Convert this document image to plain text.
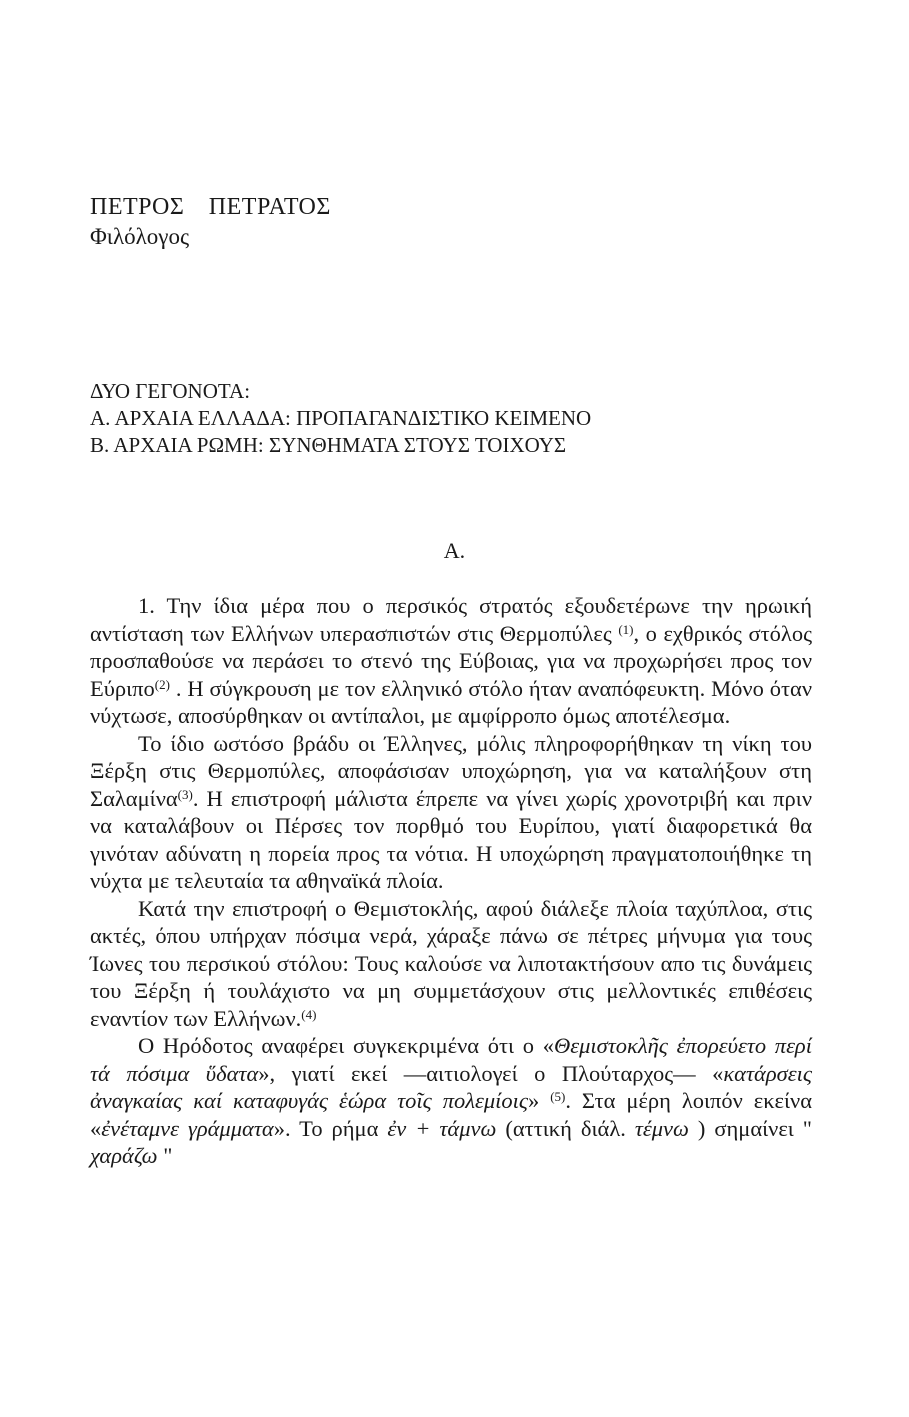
ΠΕΤΡΟΣ ΠΕΤΡΑΤΟΣ
Φιλόλογος
ΔΥΟ ΓΕΓΟΝΟΤΑ:
Α. ΑΡΧΑΙΑ ΕΛΛΑΔΑ: ΠΡΟΠΑΓΑΝΔΙΣΤΙΚΟ ΚΕΙΜΕΝΟ
Β. ΑΡΧΑΙΑ ΡΩΜΗ: ΣΥΝΘΗΜΑΤΑ ΣΤΟΥΣ ΤΟΙΧΟΥΣ
Α.

1. Την ίδια μέρα που ο περσικός στρατός εξουδετέρωνε την ηρωική αντίσταση των Ελλήνων υπερασπιστών στις Θερμοπύλες $^{(1)}$, ο εχθρικός στόλος προσπαθούσε να περάσει το στενό της Εύβοιας, για να προχωρήσει προς τον Εύριπο$^{(2)}$ . Η σύγκρουση με τον ελληνικό στόλο ήταν αναπόφευκτη. Μόνο όταν νύχτωσε, αποσύρθηκαν οι αντίπαλοι, με αμφίρροπο όμως αποτέλεσμα.

Το ίδιο ωστόσο βράδυ οι Έλληνες, μόλις πληροφορήθηκαν τη νίκη του Ξέρξη στις Θερμοπύλες, αποφάσισαν υποχώρηση, για να καταλήξουν στη Σαλαμίνα$^{(3)}$. Η επιστροφή μάλιστα έπρεπε να γίνει χωρίς χρονοτριβή και πριν να καταλάβουν οι Πέρσες τον πορθμό του Ευρίπου, γιατί διαφορετικά θα γινόταν αδύνατη η πορεία προς τα νότια. Η υποχώρηση πραγματοποιήθηκε τη νύχτα με τελευταία τα αθηναϊκά πλοία.

Κατά την επιστροφή ο Θεμιστοκλής, αφού διάλεξε πλοία ταχύπλοα, στις ακτές, όπου υπήρχαν πόσιμα νερά, χάραξε πάνω σε πέτρες μήνυμα για τους Ίωνες του περσικού στόλου: Τους καλούσε να λιποτακτήσουν απο τις δυνάμεις του Ξέρξη ή τουλάχιστο να μη συμμετάσχουν στις μελλοντικές επιθέσεις εναντίον των Ελλήνων.$^{(4)}$

Ο Ηρόδοτος αναφέρει συγκεκριμένα ότι ο «Θεμιστοκλῆς ἐπορεύετο περί τά πόσιμα ὕδατα», γιατί εκεί —αιτιολογεί ο Πλούταρχος— «κατάρσεις ἀναγκαίας καί καταφυγάς ἑώρα τοῖς πολεμίοις» $^{(5)}$. Στα μέρη λοιπόν εκείνα «ἐνέταμνε γράμματα». Το ρήμα ἐν + τάμνω (αττική διάλ. τέμνω ) σημαίνει " χαράζω "
